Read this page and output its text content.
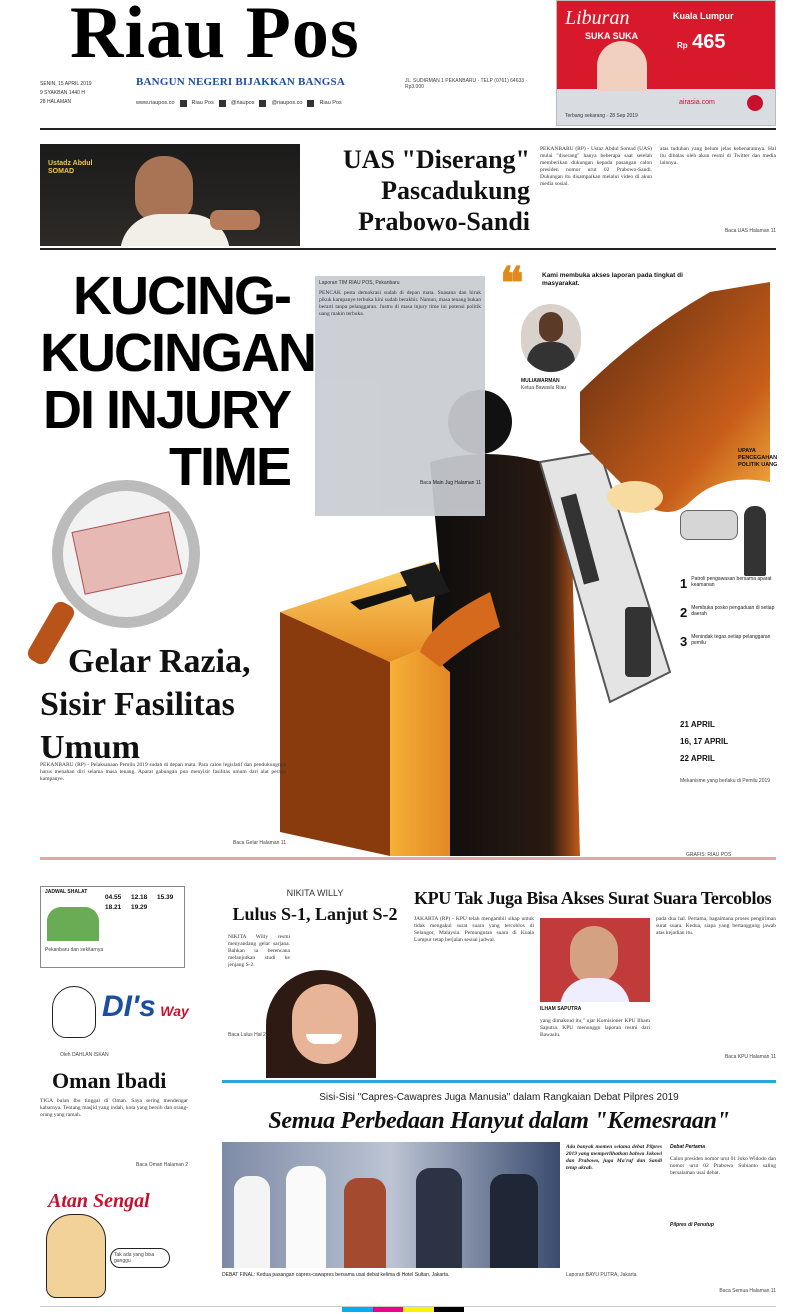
Riau Pos
SENIN, 15 APRIL 2019
9 SYAKBAN 1440 H
28 HALAMAN
BANGUN NEGERI BIJAKKAN BANGSA
www.riaupos.co	Riau Pos	@riaupos	@riaupos.co	Riau Pos
JL. SUDIRMAN 1 PEKANBARU · TELP (0761) 64633 · Rp3.000
Liburan
SUKA SUKA
Kuala Lumpur
Rp 465
airasia.com
Terbang sekarang · 28 Sep 2019
Ustadz Abdul SOMAD	UAS "Diserang"
Pascadukung
Prabowo-Sandi
PEKANBARU (RP) - Ustaz Abdul Somad (UAS) mulai "diserang" hanya beberapa saat setelah memberikan dukungan kepada pasangan calon presiden nomor urut 02 Prabowo-Sandi. Dukungan itu disampaikan melalui video di akun media sosial.
atas tuduhan yang belum jelas kebenarannya. Hal itu dibalas oleh akun resmi di Twitter dan media lainnya.
Baca UAS Halaman 11
KUCING-
KUCINGAN
DI INJURY
TIME
Laporan TIM RIAU POS, Pekanbaru
PENCAK pesta demokrasi sudah di depan mata. Suasana dan hiruk pikuk kampanye terbuka kini sudah berakhir. Namun, masa tenang bukan berarti tanpa pelanggaran. Justru di masa injury time ini potensi politik uang makin terbuka.
Baca Main Jug Halaman 11
❝	Kami membuka akses laporan pada tingkat di masyarakat.
MULIAWARMAN
Ketua Bawaslu Riau
UPAYA PENCEGAHAN POLITIK UANG
1 Patroli pengawasan bersama aparat keamanan
2 Membuka posko pengaduan di setiap daerah
3 Menindak tegas setiap pelanggaran pemilu
21 APRIL
16, 17 APRIL
22 APRIL
Mekanisme yang berlaku di Pemilu 2019
GRAFIS: RIAU POS
Gelar Razia,
Sisir Fasilitas
Umum
PEKANBARU (RP) - Pelaksanaan Pemilu 2019 sudah di depan mata. Para calon legislatif dan pendukungnya harus menahan diri selama masa tenang. Aparat gabungan pun menyisir fasilitas umum dari alat peraga kampanye.
Baca Gelar Halaman 11
JADWAL SHALAT
04.55	12.18	15.39
18.21	19.29
Pekanbaru dan sekitarnya
DI's Way
Oleh DAHLAN ISKAN
Oman Ibadi
TIGA bulan Ibu tinggal di Oman. Saya sering mendengar kabarnya. Tentang masjid yang indah, kota yang bersih dan orang-orang yang ramah.
Baca Oman Halaman 2
Atan Sengal
Tak ada yang bisa ganggu
NIKITA WILLY
Lulus S-1, Lanjut S-2
NIKITA Willy resmi menyandang gelar sarjana. Bahkan ia berencana melanjutkan studi ke jenjang S-2.
Baca Lulus Hal 2
KPU Tak Juga Bisa Akses Surat Suara Tercoblos
JAKARTA (RP) - KPU telah mengambil sikap untuk tidak mengakui surat suara yang tercoblos di Selangor, Malaysia. Pemungutan suara di Kuala Lumpur tetap berjalan sesuai jadwal.
ILHAM SAPUTRA
yang dimaksud itu," ujar Komisioner KPU Ilham Saputra. KPU menunggu laporan resmi dari Bawaslu.
pada dua hal. Pertama, bagaimana proses pengiriman surat suara. Kedua, siapa yang bertanggung jawab atas kejadian itu.
Baca KPU Halaman 11
Sisi-Sisi "Capres-Cawapres Juga Manusia" dalam Rangkaian Debat Pilpres 2019
Semua Perbedaan Hanyut dalam "Kemesraan"
DEBAT FINAL: Kedua pasangan capres-cawapres bersama usai debat kelima di Hotel Sultan, Jakarta.
Ada banyak momen selama debat Pilpres 2019 yang memperlihatkan bahwa Jokowi dan Prabowo, juga Ma'ruf dan Sandi tetap akrab.
Laporan BAYU PUTRA, Jakarta
Debat Pertama
Calon presiden nomor urut 01 Joko Widodo dan nomor urut 02 Prabowo Subianto saling bersalaman usai debat.
Pilpres di Penutup
Baca Semua Halaman 11
